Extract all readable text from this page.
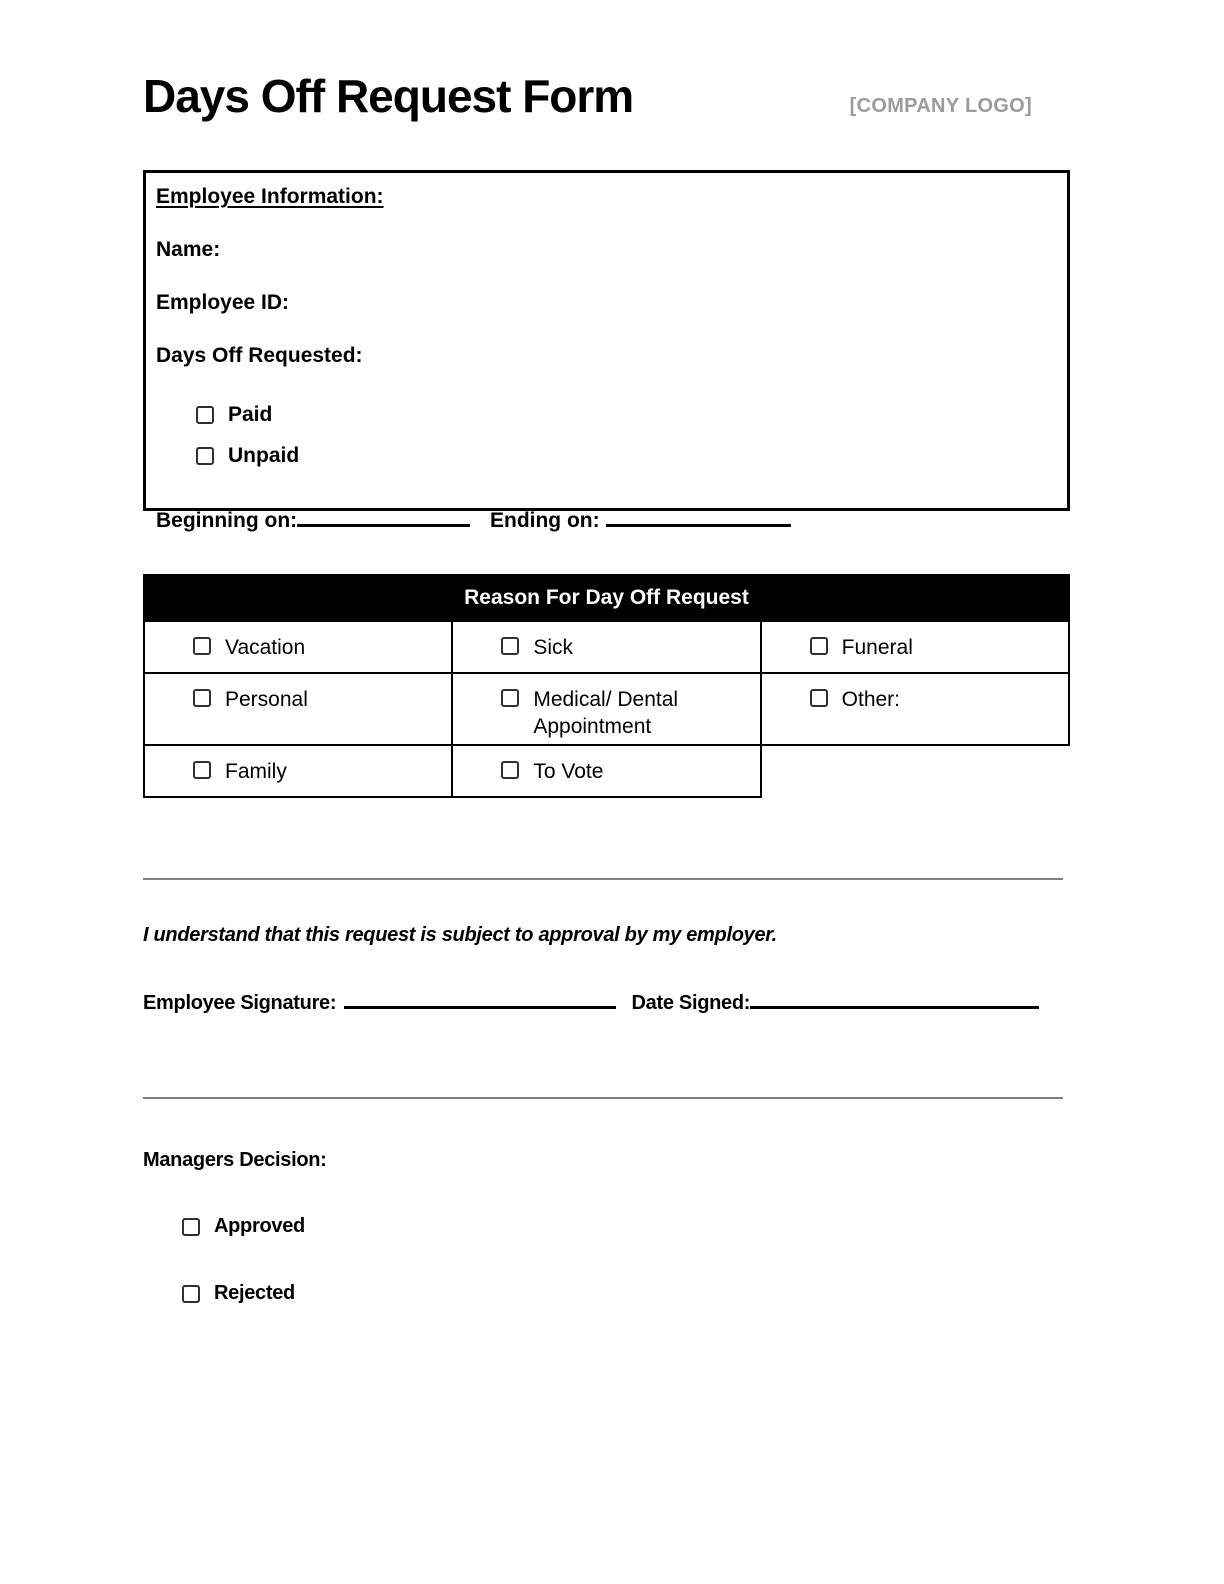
Days Off Request Form	[COMPANY LOGO]
Employee Information:
Name:
Employee ID:
Days Off Requested:
Paid
Unpaid
Beginning on:	Ending on:
Reason For Day Off Request		

Vacation	Sick	Funeral

Personal	Medical/ Dental Appointment	Other:

Family	To Vote	

I understand that this request is subject to approval by my employer.
Employee Signature:	Date Signed:
Managers Decision:
Approved
Rejected
